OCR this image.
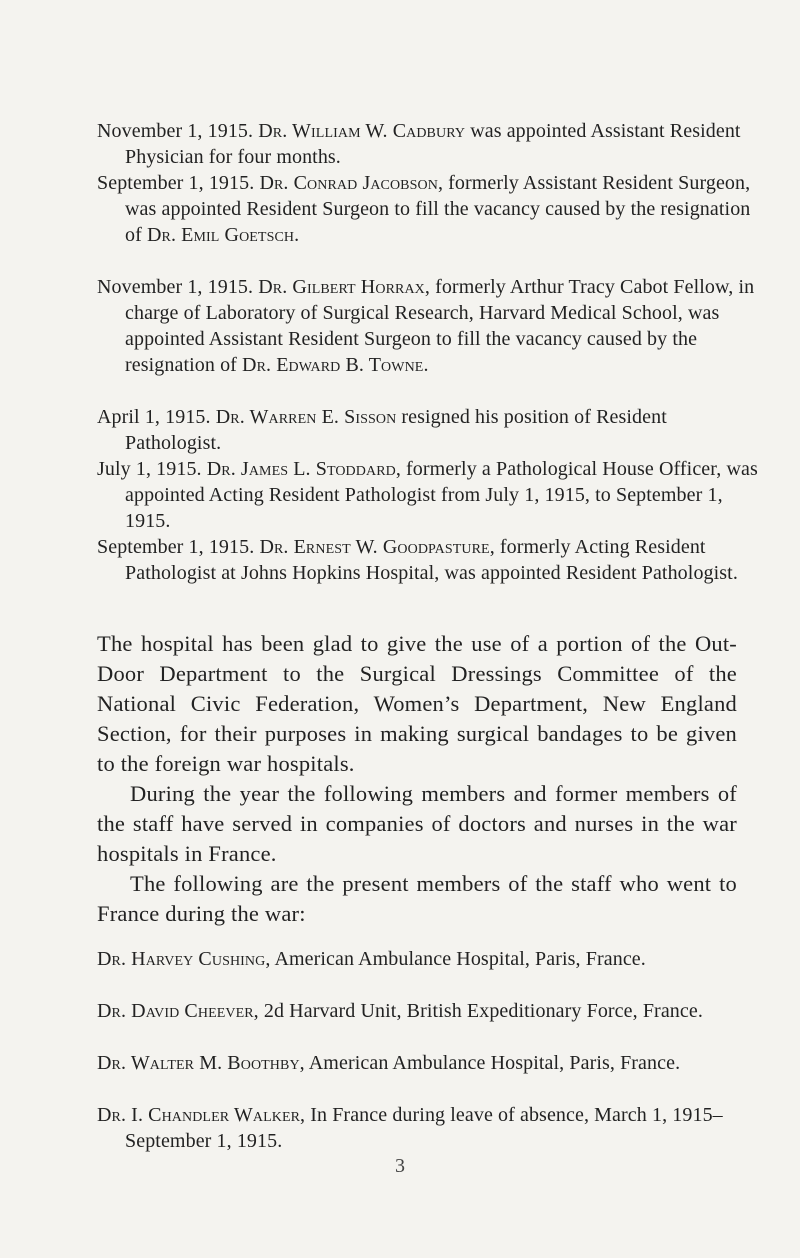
November 1, 1915. Dr. William W. Cadbury was appointed Assistant Resident Physician for four months.
September 1, 1915. Dr. Conrad Jacobson, formerly Assistant Resident Surgeon, was appointed Resident Surgeon to fill the vacancy caused by the resignation of Dr. Emil Goetsch.
November 1, 1915. Dr. Gilbert Horrax, formerly Arthur Tracy Cabot Fellow, in charge of Laboratory of Surgical Research, Harvard Medical School, was appointed Assistant Resident Surgeon to fill the vacancy caused by the resignation of Dr. Edward B. Towne.
April 1, 1915. Dr. Warren E. Sisson resigned his position of Resident Pathologist.
July 1, 1915. Dr. James L. Stoddard, formerly a Pathological House Officer, was appointed Acting Resident Pathologist from July 1, 1915, to September 1, 1915.
September 1, 1915. Dr. Ernest W. Goodpasture, formerly Acting Resident Pathologist at Johns Hopkins Hospital, was appointed Resident Pathologist.

The hospital has been glad to give the use of a portion of the Out-Door Department to the Surgical Dressings Committee of the National Civic Federation, Women’s Department, New England Section, for their purposes in making surgical bandages to be given to the foreign war hospitals.

During the year the following members and former members of the staff have served in companies of doctors and nurses in the war hospitals in France.

The following are the present members of the staff who went to France during the war:

Dr. Harvey Cushing, American Ambulance Hospital, Paris, France.
Dr. David Cheever, 2d Harvard Unit, British Expeditionary Force, France.
Dr. Walter M. Boothby, American Ambulance Hospital, Paris, France.
Dr. I. Chandler Walker, In France during leave of absence, March 1, 1915–September 1, 1915.
3
